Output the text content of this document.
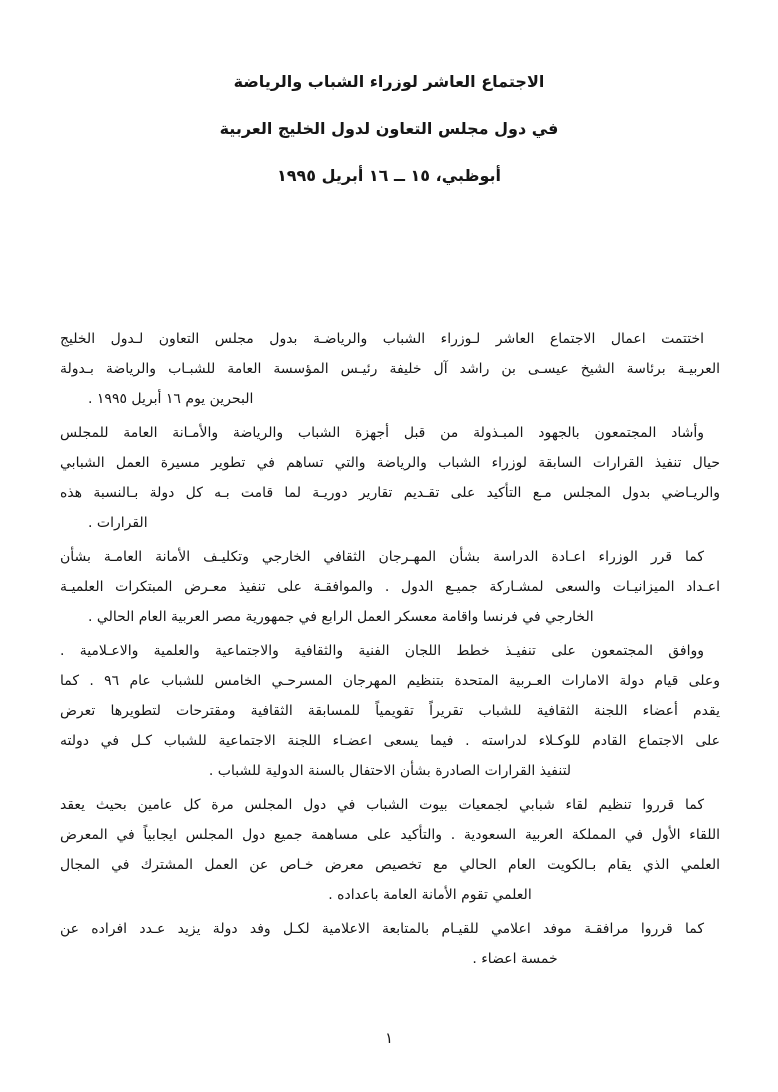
الاجتماع العاشر لوزراء الشباب والرياضة
في دول مجلس التعاون لدول الخليج العربية
أبوظبي، ١٥ ــ ١٦ أبريل ١٩٩٥
اختتمت اعمال الاجتماع العاشر لـوزراء الشباب والرياضـة بدول مجلس التعاون لـدول الخليج
العربيـة برئاسة الشيخ عيسـى بن راشد آل خليفة رئيـس المؤسسة العامة للشبـاب والرياضة بـدولة
البحرين يوم ١٦ أبريل ١٩٩٥ .
وأشاد المجتمعون بالجهود المبـذولة من قبل أجهزة الشباب والرياضة والأمـانة العامة للمجلس
حيال تنفيذ القرارات السابقة لوزراء الشباب والرياضة والتي تساهم في تطوير مسيرة العمل الشبابي
والريـاضي بدول المجلس مـع التأكيد على تقـديم تقارير دوريـة لما قامت بـه كل دولة بـالنسبة هذه
القرارات .
كما قرر الوزراء اعـادة الدراسة بشأن المهـرجان الثقافي الخارجي وتكليـف الأمانة العامـة بشأن
اعـداد الميزانيـات والسعى لمشـاركة جميـع الدول . والموافقـة على تنفيذ معـرض المبتكرات العلميـة
الخارجي في فرنسا واقامة معسكر العمل الرابع في جمهورية مصر العربية العام الحالي .
ووافق المجتمعون على تنفيـذ خطط اللجان الفنية والثقافية والاجتماعية والعلمية والاعـلامية .
وعلى قيام دولة الامارات العـربية المتحدة بتنظيم المهرجان المسرحـي الخامس للشباب عام ٩٦ . كما
يقدم أعضاء اللجنة الثقافية للشباب تقريراً تقويمياً للمسابقة الثقافية ومقترحات لتطويرها تعرض
على الاجتماع القادم للوكـلاء لدراسته . فيما يسعى اعضـاء اللجنة الاجتماعية للشباب كـل في دولته
لتنفيذ القرارات الصادرة بشأن الاحتفال بالسنة الدولية للشباب .
كما قرروا تنظيم لقاء شبابي لجمعيات بيوت الشباب في دول المجلس مرة كل عامين بحيث يعقد
اللقاء الأول في المملكة العربية السعودية . والتأكيد على مساهمة جميع دول المجلس ايجابياً في المعرض
العلمي الذي يقام بـالكويت العام الحالي مع تخصيص معرض خـاص عن العمل المشترك في المجال
العلمي تقوم الأمانة العامة باعداده .
كما قرروا مرافقـة موفد اعلامي للقيـام بالمتابعة الاعلامية لكـل وفد دولة يزيد عـدد افراده عن
خمسة اعضاء .
١
